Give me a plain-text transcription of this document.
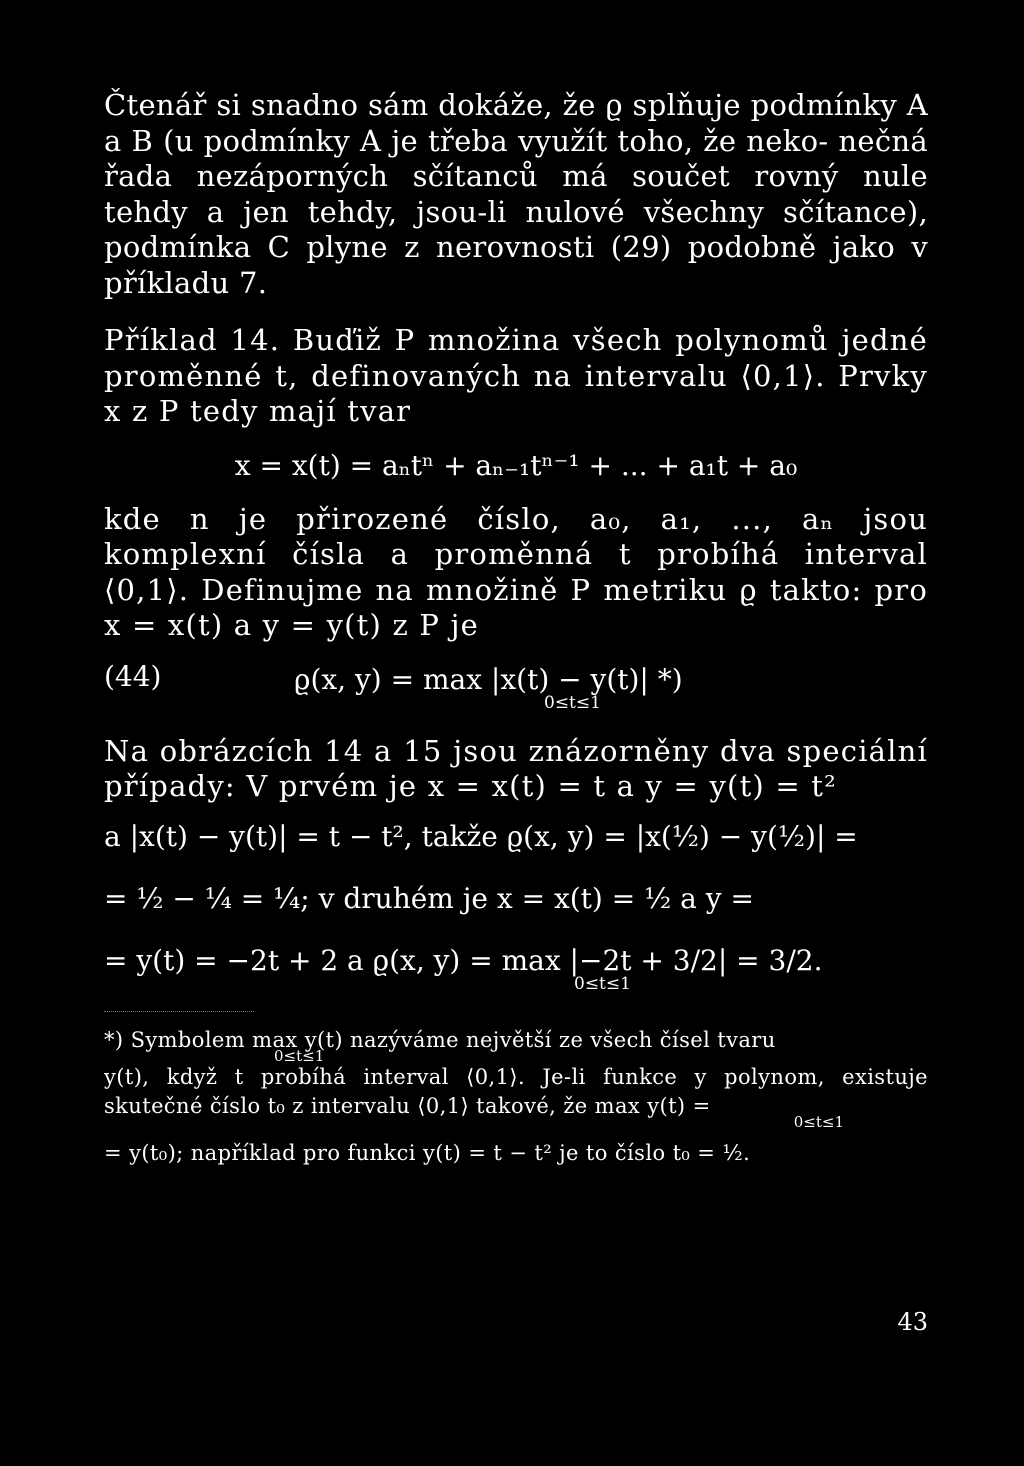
Čtenář si snadno sám dokáže, že ϱ splňuje podmínky A a B (u podmínky A je třeba využít toho, že neko- nečná řada nezáporných sčítanců má součet rovný nule tehdy a jen tehdy, jsou-li nulové všechny sčítance), podmínka C plyne z nerovnosti (29) podobně jako v příkladu 7.

Příklad 14. Buďiž P množina všech polynomů jedné proměnné t, definovaných na intervalu ⟨0,1⟩. Prvky x z P tedy mají tvar

x = x(t) = aₙtⁿ + aₙ₋₁tⁿ⁻¹ + ... + a₁t + a₀

kde n je přirozené číslo, a₀, a₁, ..., aₙ jsou komplexní čísla a proměnná t probíhá interval ⟨0,1⟩. Definujme na množině P metriku ϱ takto: pro x = x(t) a y = y(t) z P je

(44)	ϱ(x, y) = max |x(t) − y(t)| *)
0≤t≤1

Na obrázcích 14 a 15 jsou znázorněny dva speciální případy: V prvém je x = x(t) = t a y = y(t) = t²

a |x(t) − y(t)| = t − t², takže ϱ(x, y) = |x(½) − y(½)| =
= ½ − ¼ = ¼; v druhém je x = x(t) = ½ a y =
= y(t) = −2t + 2 a ϱ(x, y) = max |−2t + 3/2| = 3/2.
0≤t≤1

*) Symbolem max y(t) nazýváme největší ze všech čísel tvaru

0≤t≤1

y(t), když t probíhá interval ⟨0,1⟩. Je-li funkce y polynom, existuje skutečné číslo t₀ z intervalu ⟨0,1⟩ takové, že max y(t) =

0≤t≤1

= y(t₀); například pro funkci y(t) = t − t² je to číslo t₀ = ½.

43
